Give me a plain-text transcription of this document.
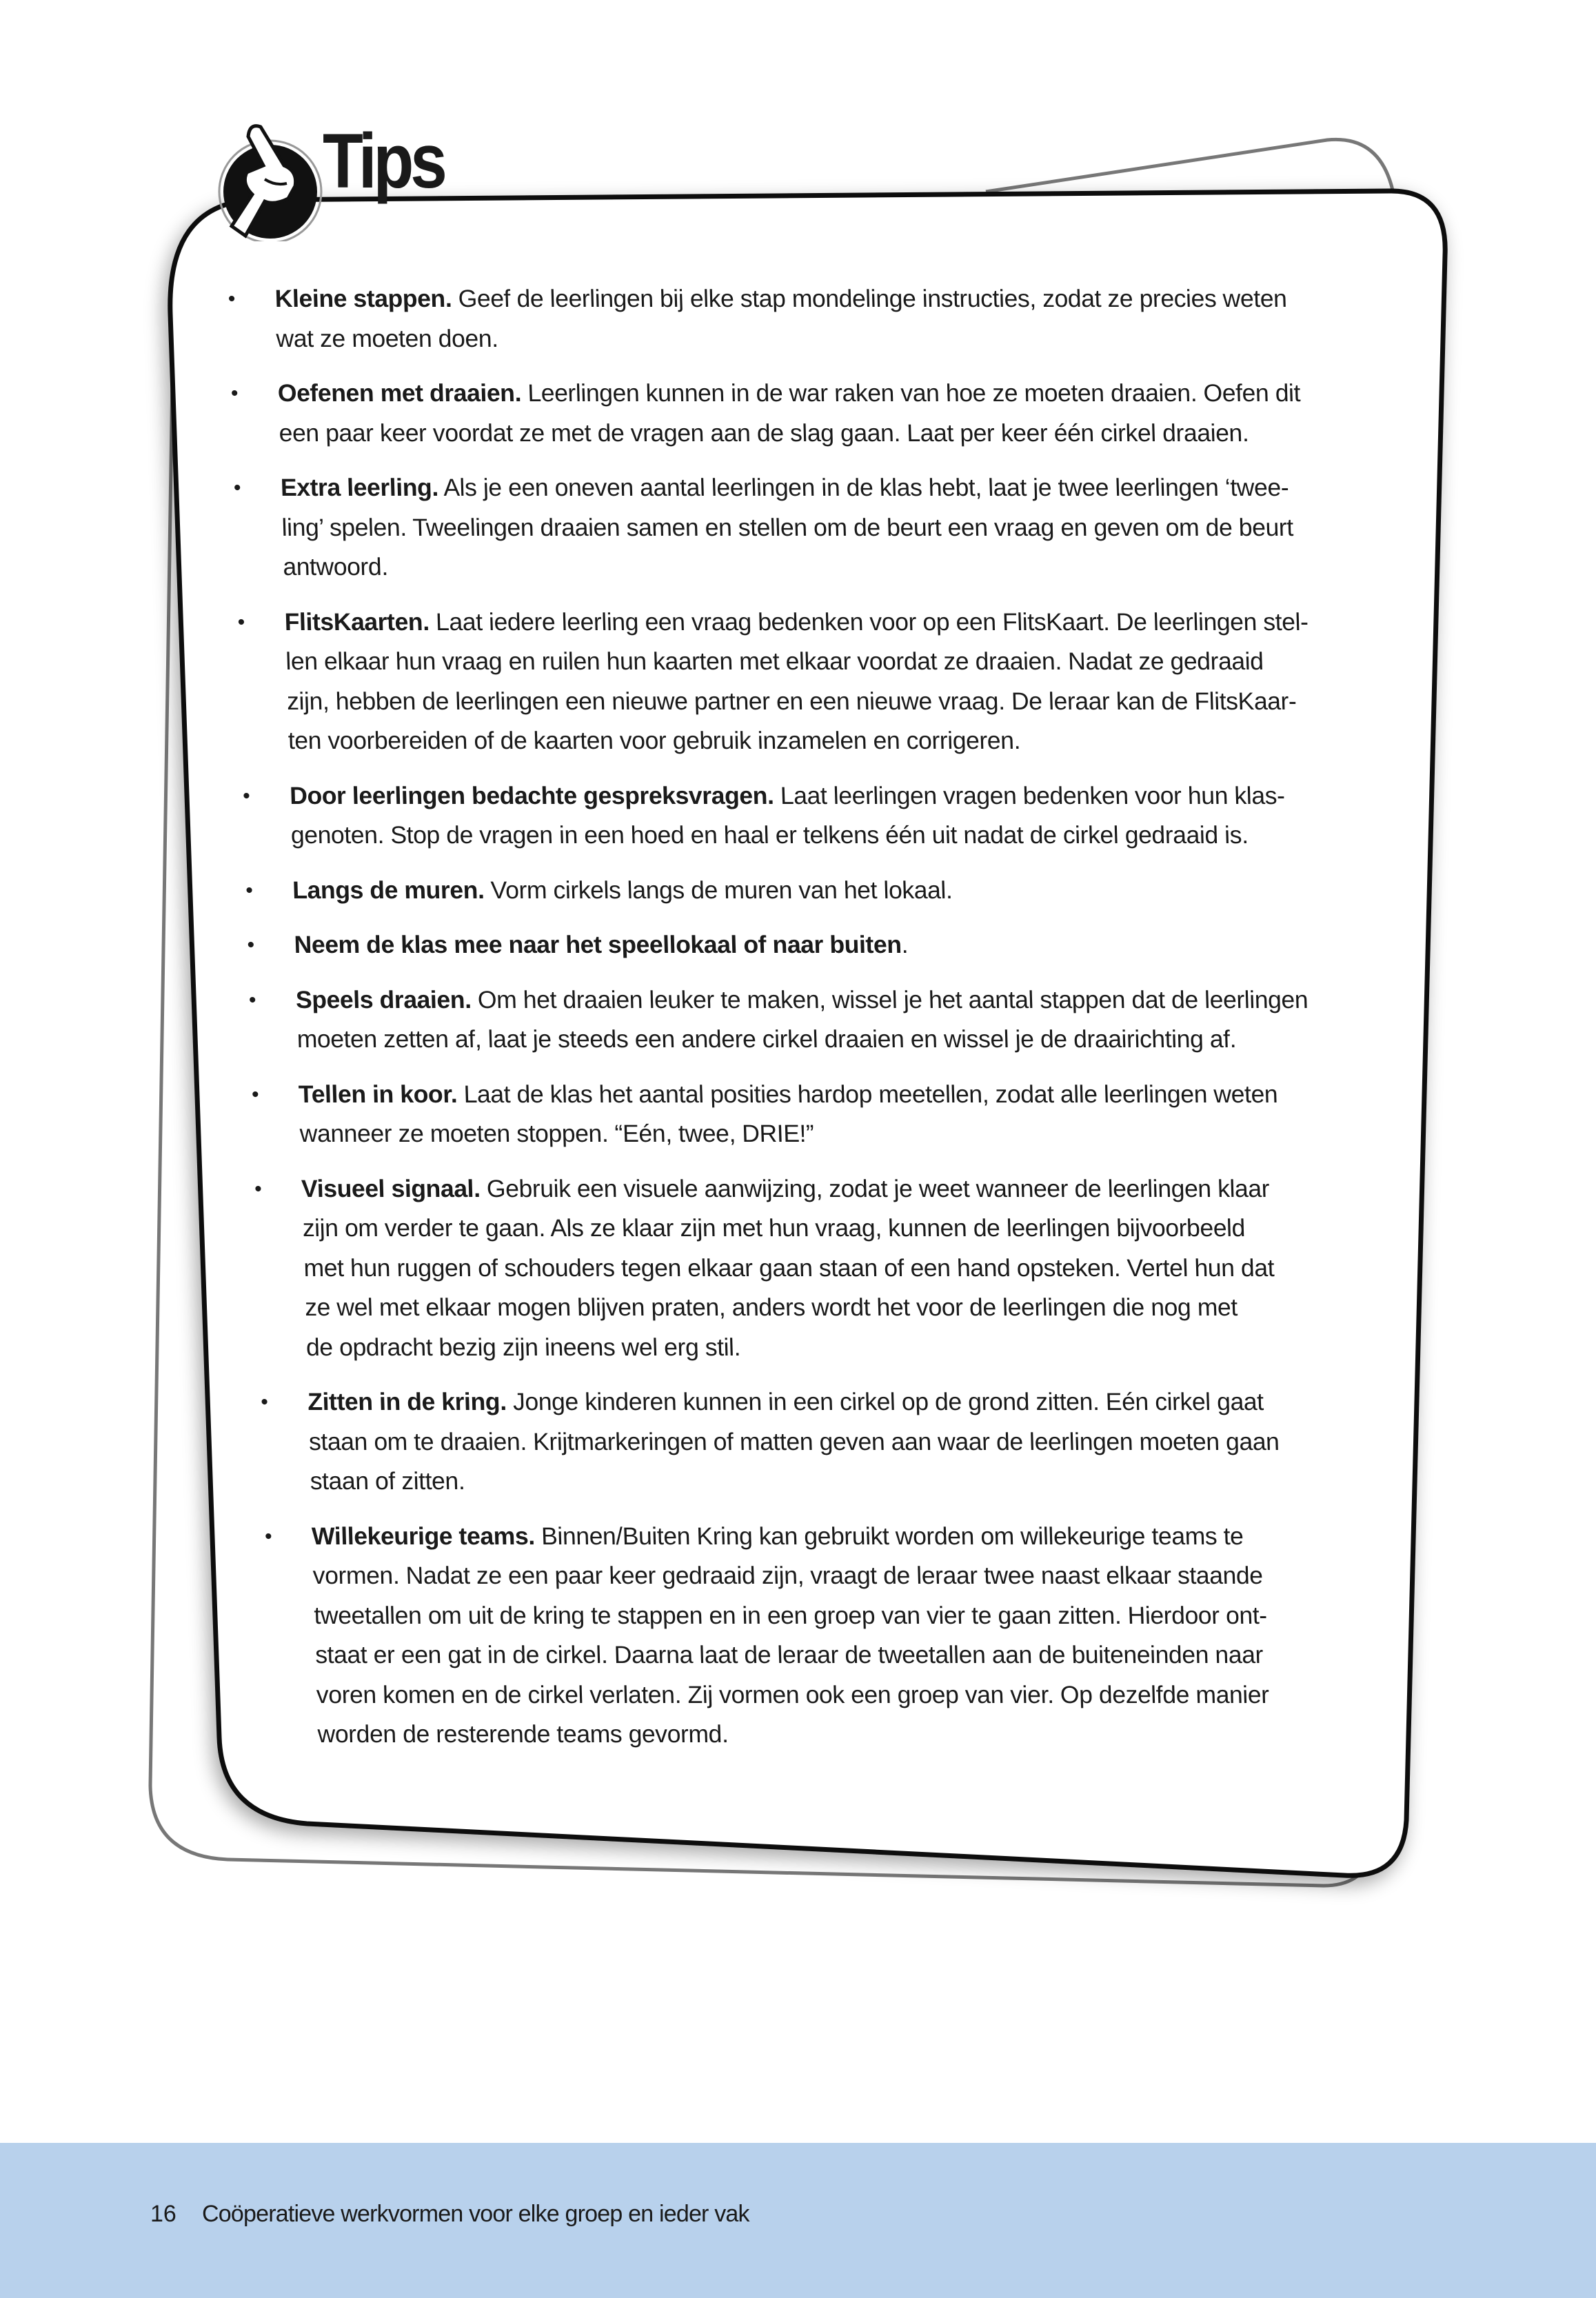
Tips
• Kleine stappen. Geef de leerlingen bij elke stap mondelinge instructies, zodat ze precies weten
wat ze moeten doen.
• Oefenen met draaien. Leerlingen kunnen in de war raken van hoe ze moeten draaien. Oefen dit
een paar keer voordat ze met de vragen aan de slag gaan. Laat per keer één cirkel draaien.
• Extra leerling. Als je een oneven aantal leerlingen in de klas hebt, laat je twee leerlingen ‘twee-
ling’ spelen. Tweelingen draaien samen en stellen om de beurt een vraag en geven om de beurt
antwoord.
• FlitsKaarten. Laat iedere leerling een vraag bedenken voor op een FlitsKaart. De leerlingen stel-
len elkaar hun vraag en ruilen hun kaarten met elkaar voordat ze draaien. Nadat ze gedraaid
zijn, hebben de leerlingen een nieuwe partner en een nieuwe vraag. De leraar kan de FlitsKaar-
ten voorbereiden of de kaarten voor gebruik inzamelen en corrigeren.
• Door leerlingen bedachte gespreksvragen. Laat leerlingen vragen bedenken voor hun klas-
genoten. Stop de vragen in een hoed en haal er telkens één uit nadat de cirkel gedraaid is.
• Langs de muren. Vorm cirkels langs de muren van het lokaal.
• Neem de klas mee naar het speellokaal of naar buiten.
• Speels draaien. Om het draaien leuker te maken, wissel je het aantal stappen dat de leerlingen
moeten zetten af, laat je steeds een andere cirkel draaien en wissel je de draairichting af.
• Tellen in koor. Laat de klas het aantal posities hardop meetellen, zodat alle leerlingen weten
wanneer ze moeten stoppen. “Eén, twee, DRIE!”
• Visueel signaal. Gebruik een visuele aanwijzing, zodat je weet wanneer de leerlingen klaar
zijn om verder te gaan. Als ze klaar zijn met hun vraag, kunnen de leerlingen bijvoorbeeld
met hun ruggen of schouders tegen elkaar gaan staan of een hand opsteken. Vertel hun dat
ze wel met elkaar mogen blijven praten, anders wordt het voor de leerlingen die nog met
de opdracht bezig zijn ineens wel erg stil.
• Zitten in de kring. Jonge kinderen kunnen in een cirkel op de grond zitten. Eén cirkel gaat
staan om te draaien. Krijtmarkeringen of matten geven aan waar de leerlingen moeten gaan
staan of zitten.
• Willekeurige teams. Binnen/Buiten Kring kan gebruikt worden om willekeurige teams te
vormen. Nadat ze een paar keer gedraaid zijn, vraagt de leraar twee naast elkaar staande
tweetallen om uit de kring te stappen en in een groep van vier te gaan zitten. Hierdoor ont-
staat er een gat in de cirkel. Daarna laat de leraar de tweetallen aan de buiteneinden naar
voren komen en de cirkel verlaten. Zij vormen ook een groep van vier. Op dezelfde manier
worden de resterende teams gevormd.
16 Coöperatieve werkvormen voor elke groep en ieder vak
